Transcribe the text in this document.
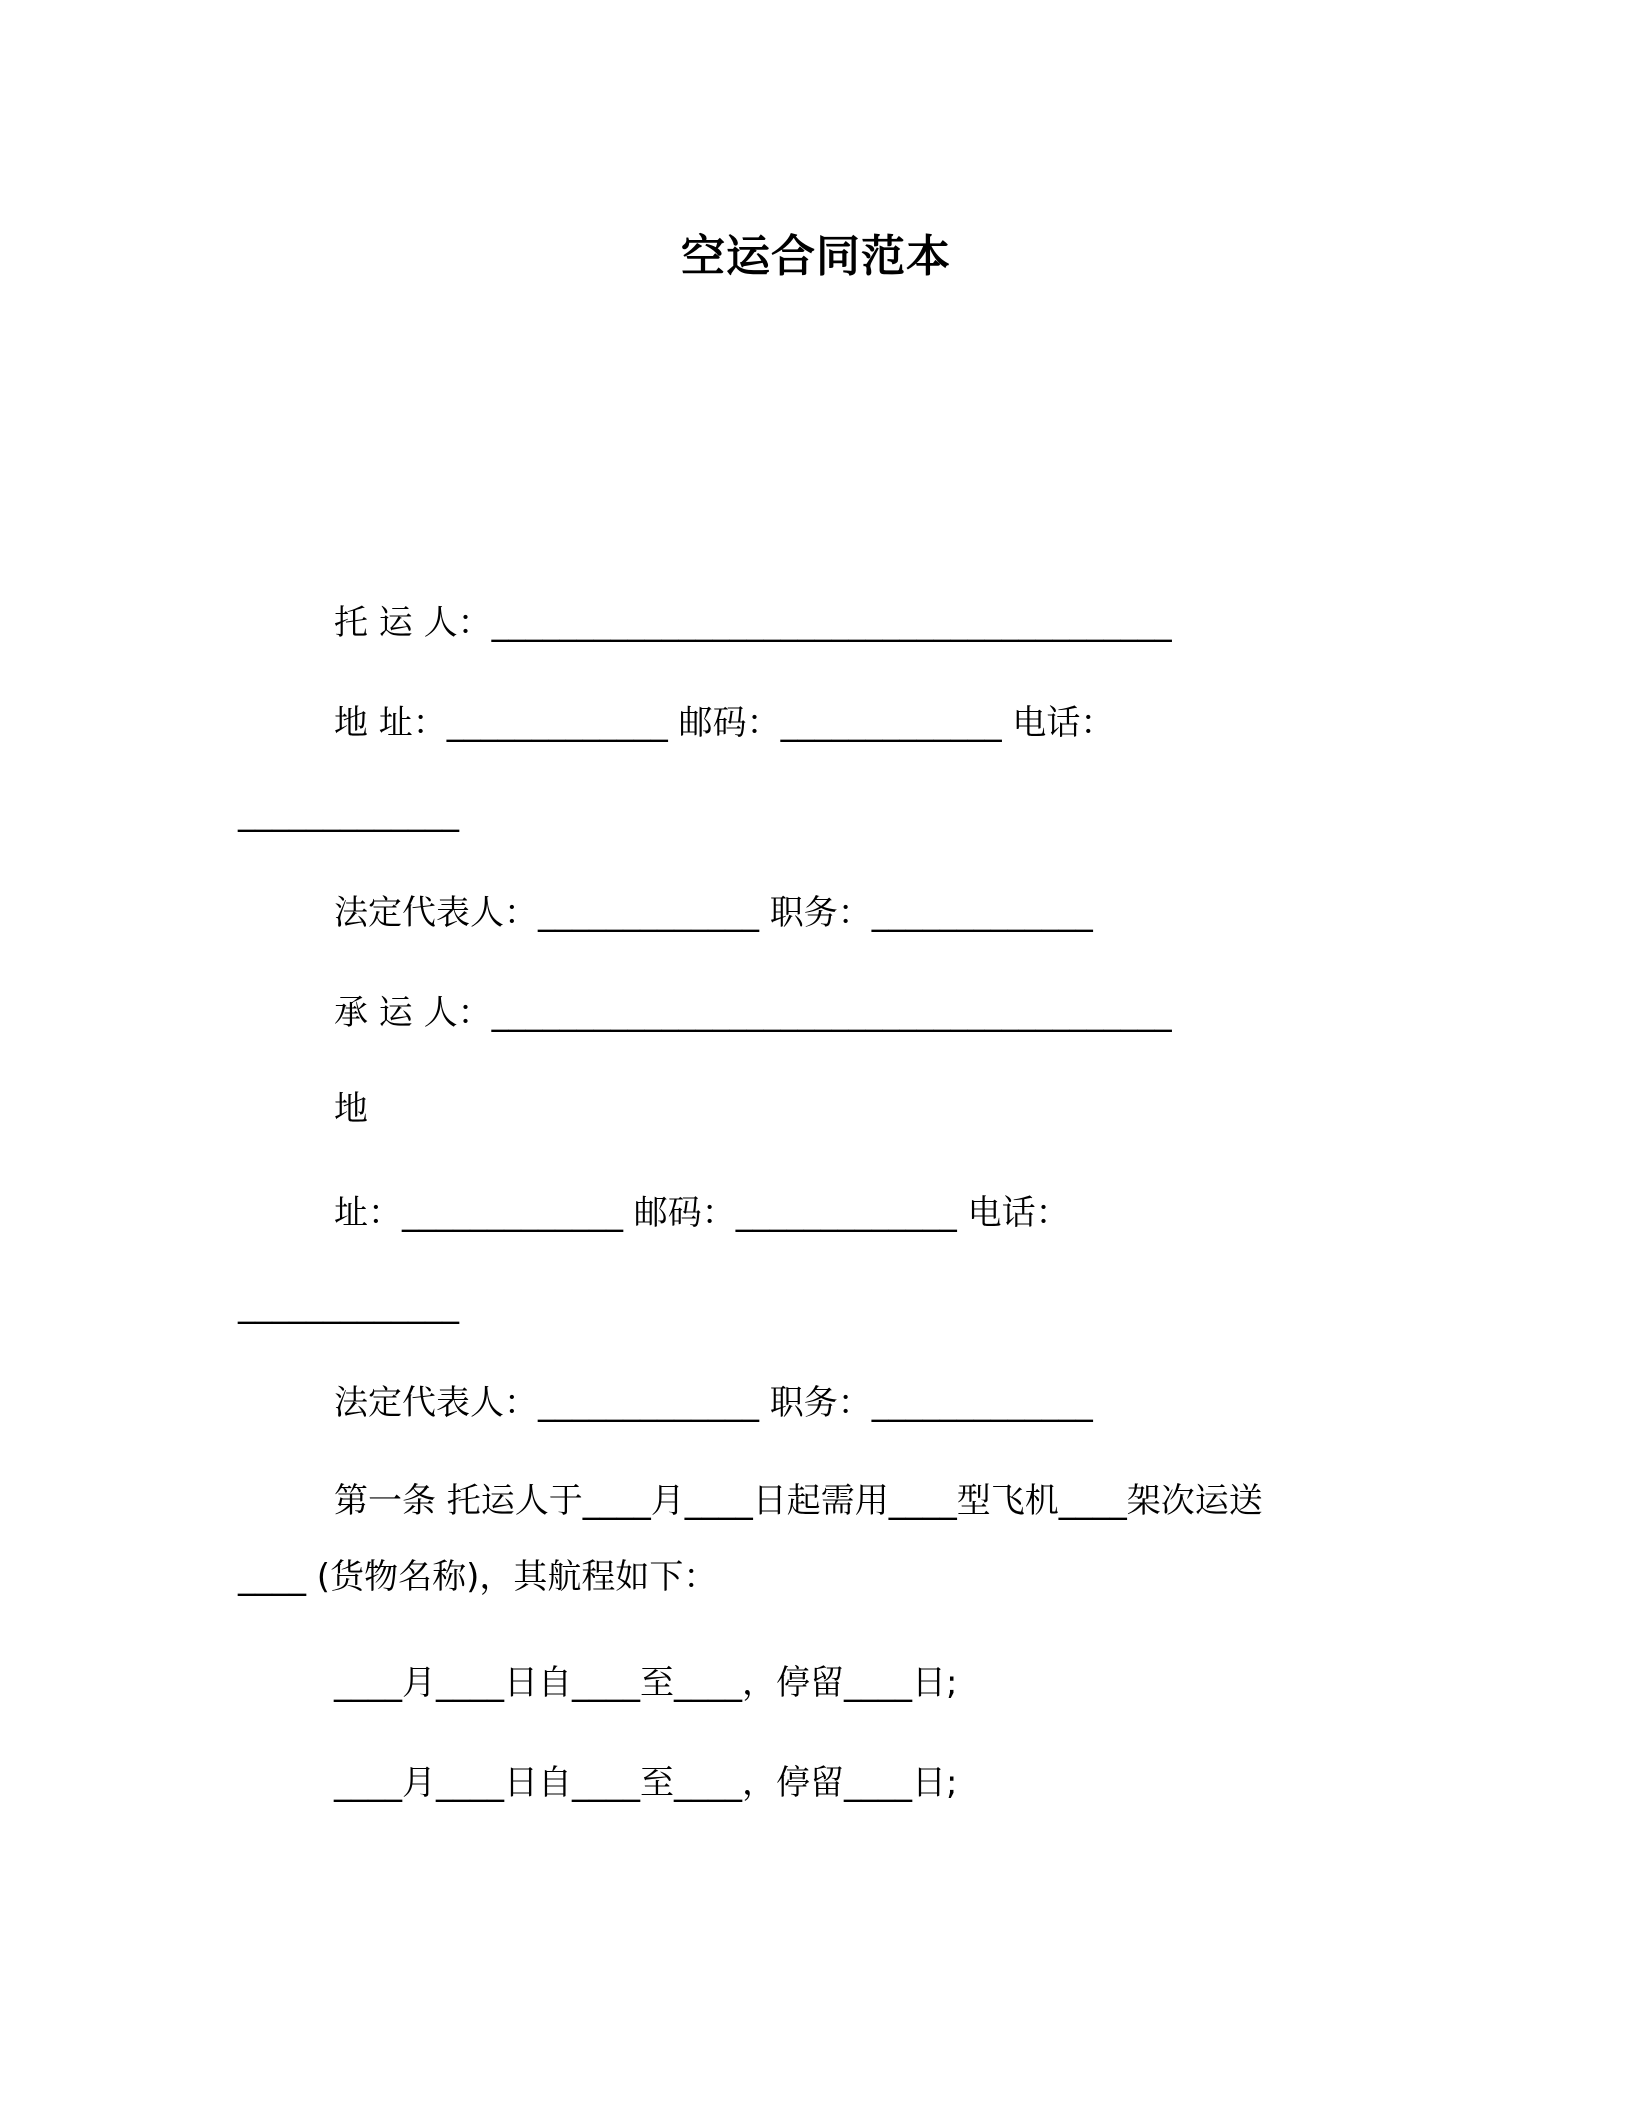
空运合同范本
托 运 人：________________________________________
地 址：_____________ 邮码：_____________ 电话：
_____________
法定代表人：_____________ 职务：_____________
承 运 人：________________________________________
地
址：_____________ 邮码：_____________ 电话：
_____________
法定代表人：_____________ 职务：_____________
第一条 托运人于____月____日起需用____型飞机____架次运送
____ (货物名称)，其航程如下：
____月____日自____至____，停留____日;
____月____日自____至____，停留____日;
